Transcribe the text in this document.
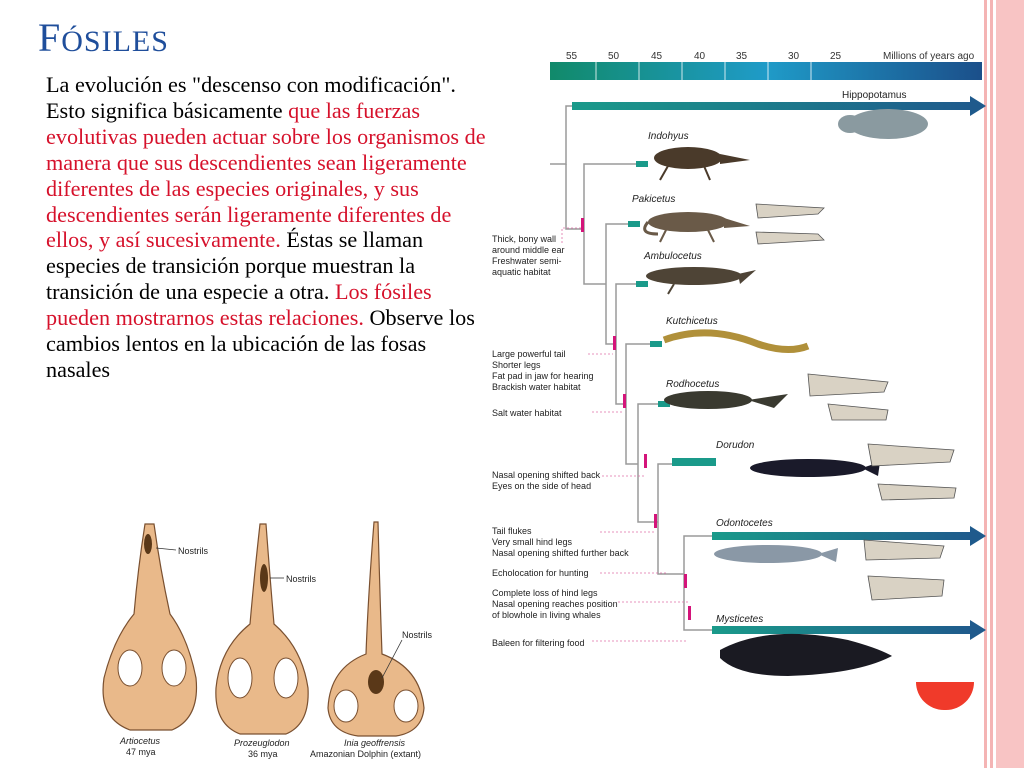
FÓSILES
La evolución es "descenso con modificación". Esto significa básicamente que las fuerzas evolutivas pueden actuar sobre los organismos de manera que sus descendientes sean ligeramente diferentes de las especies originales, y sus descendientes serán ligeramente diferentes de ellos, y así sucesivamente. Éstas se llaman especies de transición porque muestran la transición de una especie a otra. Los fósiles pueden mostrarnos estas relaciones. Observe los cambios lentos en la ubicación de las fosas nasales
55	50	45	40	35	30	25	Millions of years ago
Hippopotamus
Thick, bony wall around middle ear Freshwater semi- aquatic habitat
Large powerful tail Shorter legs Fat pad in jaw for hearing Brackish water habitat
Salt water habitat
Nasal opening shifted back Eyes on the side of head
Tail flukes Very small hind legs Nasal opening shifted further back
Echolocation for hunting
Complete loss of hind legs Nasal opening reaches position of blowhole in living whales
Baleen for filtering food
Indohyus
Pakicetus
Ambulocetus
Kutchicetus
Rodhocetus
Dorudon
Odontocetes
Mysticetes
Nostrils
Artiocetus
47 mya
Nostrils
Prozeuglodon
36 mya
Nostrils
Inia geoffrensis
Amazonian Dolphin (extant)
